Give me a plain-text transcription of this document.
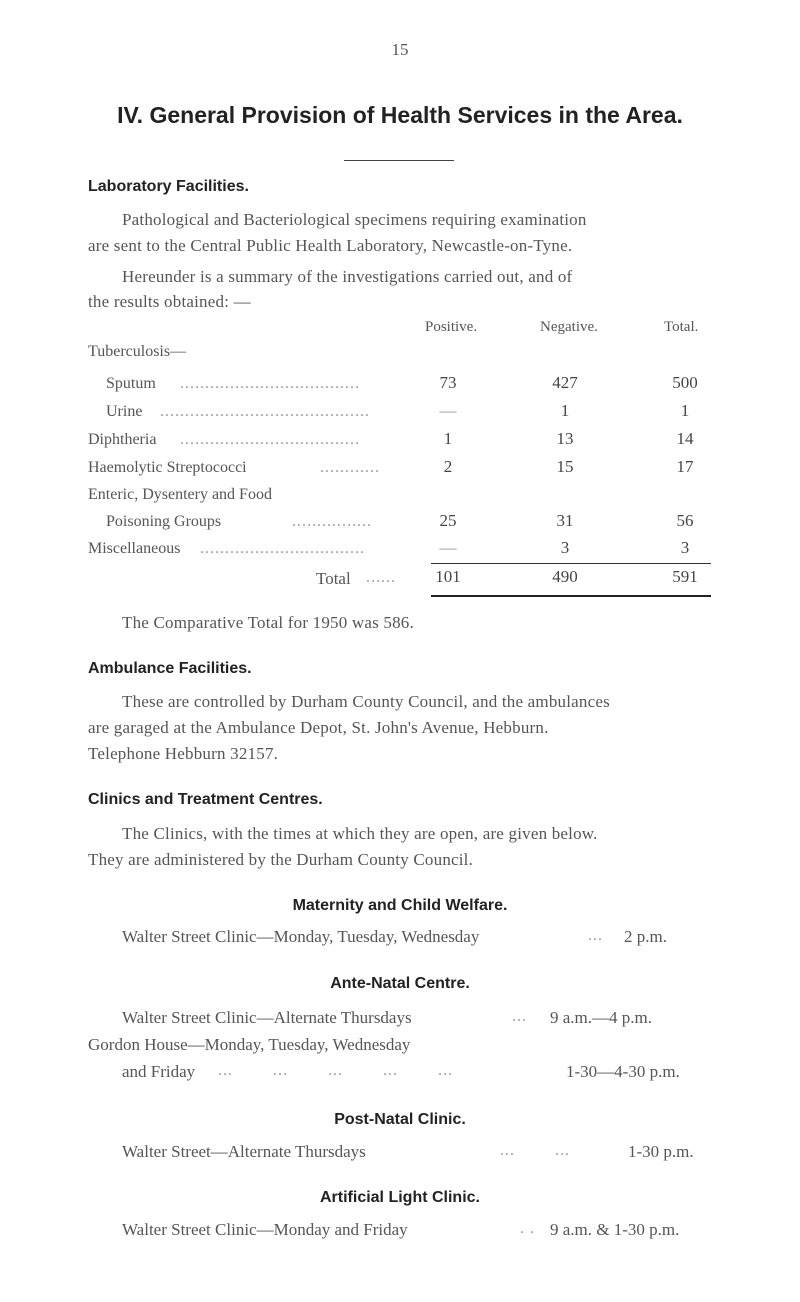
15
IV. General Provision of Health Services in the Area.
Laboratory Facilities.
Pathological and Bacteriological specimens requiring examination
are sent to the Central Public Health Laboratory, Newcastle-on-Tyne.
Hereunder is a summary of the investigations carried out, and of
the results obtained: —
Positive.	Negative.	Total.
Tuberculosis—
Sputum ....................................	73	427	500
Urine ..........................................	—	1	1
Diphtheria ....................................	1	13	14
Haemolytic Streptococci	............	2	15	17
Enteric, Dysentery and Food
Poisoning Groups	................	25	31	56
Miscellaneous .................................	—	3	3
Total ......	101	490	591
The Comparative Total for 1950 was 586.
Ambulance Facilities.
These are controlled by Durham County Council, and the ambulances
are garaged at the Ambulance Depot, St. John's Avenue, Hebburn.
Telephone Hebburn 32157.
Clinics and Treatment Centres.
The Clinics, with the times at which they are open, are given below.
They are administered by the Durham County Council.
Maternity and Child Welfare.
Walter Street Clinic—Monday, Tuesday, Wednesday	... 2 p.m.
Ante-Natal Centre.
Walter Street Clinic—Alternate Thursdays	... 9 a.m.—4 p.m.
Gordon House—Monday, Tuesday, Wednesday
and Friday ...        ...        ...        ...        ...	1-30—4-30 p.m.
Post-Natal Clinic.
Walter Street—Alternate Thursdays	...        ...	1-30 p.m.
Artificial Light Clinic.
Walter Street Clinic—Monday and Friday	. . 9 a.m. & 1-30 p.m.
